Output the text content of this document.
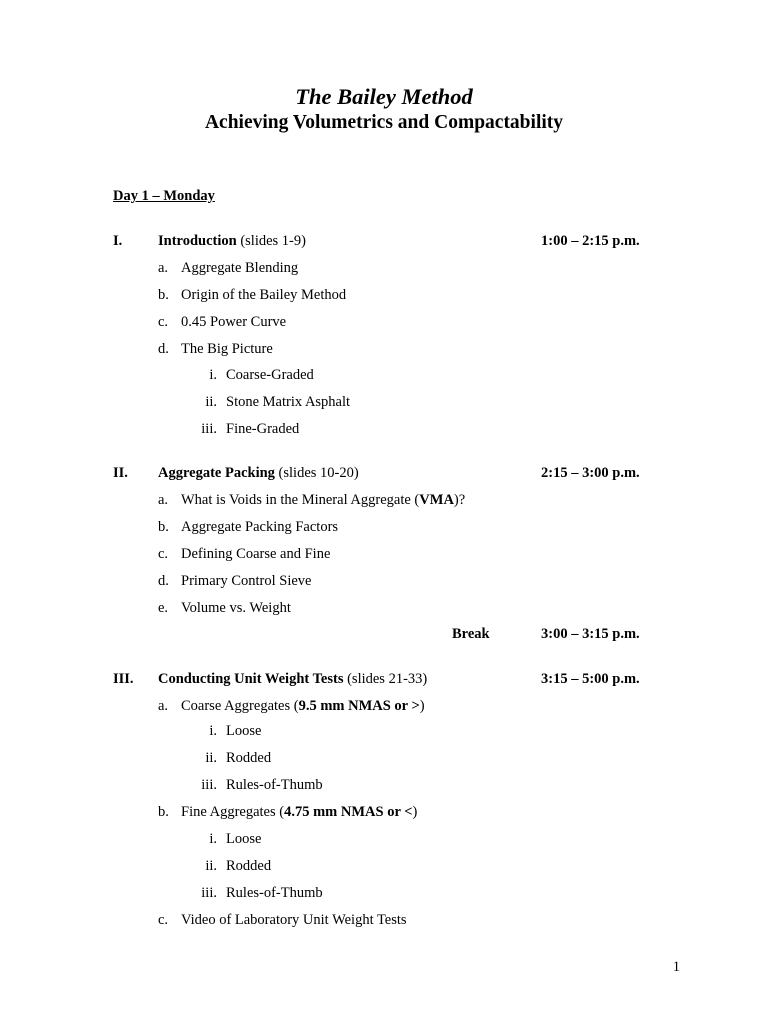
The Bailey Method
Achieving Volumetrics and Compactability
Day 1 – Monday
I. Introduction (slides 1-9)	1:00 – 2:15 p.m.
a. Aggregate Blending
b. Origin of the Bailey Method
c. 0.45 Power Curve
d. The Big Picture
i. Coarse-Graded
ii. Stone Matrix Asphalt
iii. Fine-Graded
II. Aggregate Packing (slides 10-20)	2:15 – 3:00 p.m.
a. What is Voids in the Mineral Aggregate (VMA)?
b. Aggregate Packing Factors
c. Defining Coarse and Fine
d. Primary Control Sieve
e. Volume vs. Weight
Break	3:00 – 3:15 p.m.
III. Conducting Unit Weight Tests (slides 21-33)	3:15 – 5:00 p.m.
a. Coarse Aggregates (9.5 mm NMAS or >)
i. Loose
ii. Rodded
iii. Rules-of-Thumb
b. Fine Aggregates (4.75 mm NMAS or <)
i. Loose
ii. Rodded
iii. Rules-of-Thumb
c. Video of Laboratory Unit Weight Tests
1
